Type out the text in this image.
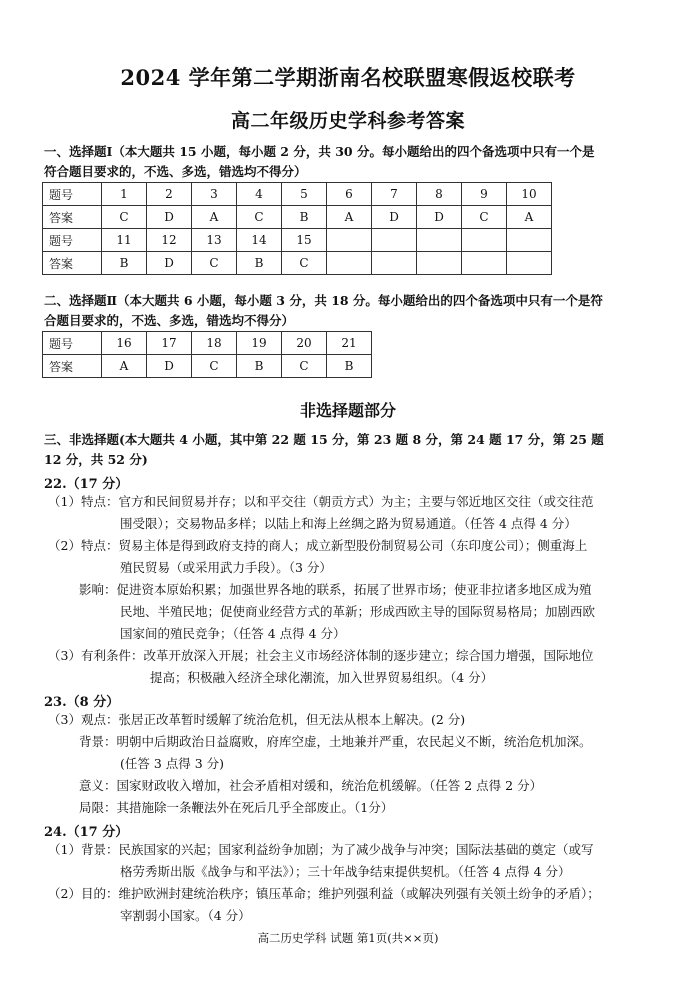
2024 学年第二学期浙南名校联盟寒假返校联考
高二年级历史学科参考答案
一、选择题Ⅰ（本大题共 15 小题，每小题 2 分，共 30 分。每小题给出的四个备选项中只有一个是
符合题目要求的，不选、多选，错选均不得分）
题号	1	2	3	4	5	6	7	8	9	10
答案	C	D	A	C	B	A	D	D	C	A
题号	11	12	13	14	15					
答案	B	D	C	B	C					
二、选择题Ⅱ（本大题共 6 小题，每小题 3 分，共 18 分。每小题给出的四个备选项中只有一个是符
合题目要求的，不选、多选，错选均不得分）
题号	16	17	18	19	20	21
答案	A	D	C	B	C	B
非选择题部分
三、非选择题(本大题共 4 小题，其中第 22 题 15 分，第 23 题 8 分，第 24 题 17 分，第 25 题
12 分，共 52 分)
22.（17 分）
（1）特点：官方和民间贸易并存；以和平交往（朝贡方式）为主；主要与邻近地区交往（或交往范
围受限）；交易物品多样；以陆上和海上丝绸之路为贸易通道。（任答 4 点得 4 分）
（2）特点：贸易主体是得到政府支持的商人；成立新型股份制贸易公司（东印度公司）；侧重海上
殖民贸易（或采用武力手段）。（3 分）
影响：促进资本原始积累；加强世界各地的联系，拓展了世界市场；使亚非拉诸多地区成为殖
民地、半殖民地；促使商业经营方式的革新；形成西欧主导的国际贸易格局；加剧西欧
国家间的殖民竞争；（任答 4 点得 4 分）
（3）有利条件：改革开放深入开展；社会主义市场经济体制的逐步建立；综合国力增强，国际地位
提高；积极融入经济全球化潮流，加入世界贸易组织。（4 分）
23.（8 分）
（3）观点：张居正改革暂时缓解了统治危机，但无法从根本上解决。(2 分)
背景：明朝中后期政治日益腐败，府库空虚，土地兼并严重，农民起义不断，统治危机加深。
(任答 3 点得 3 分)
意义：国家财政收入增加，社会矛盾相对缓和，统治危机缓解。（任答 2 点得 2 分）
局限：其措施除一条鞭法外在死后几乎全部废止。（1分）
24.（17 分）
（1）背景：民族国家的兴起；国家利益纷争加剧；为了减少战争与冲突；国际法基础的奠定（或写
格劳秀斯出版《战争与和平法》）；三十年战争结束提供契机。（任答 4 点得 4 分）
（2）目的：维护欧洲封建统治秩序；镇压革命；维护列强利益（或解决列强有关领土纷争的矛盾）；
宰割弱小国家。（4 分）
高二历史学科 试题 第1页(共××页)
